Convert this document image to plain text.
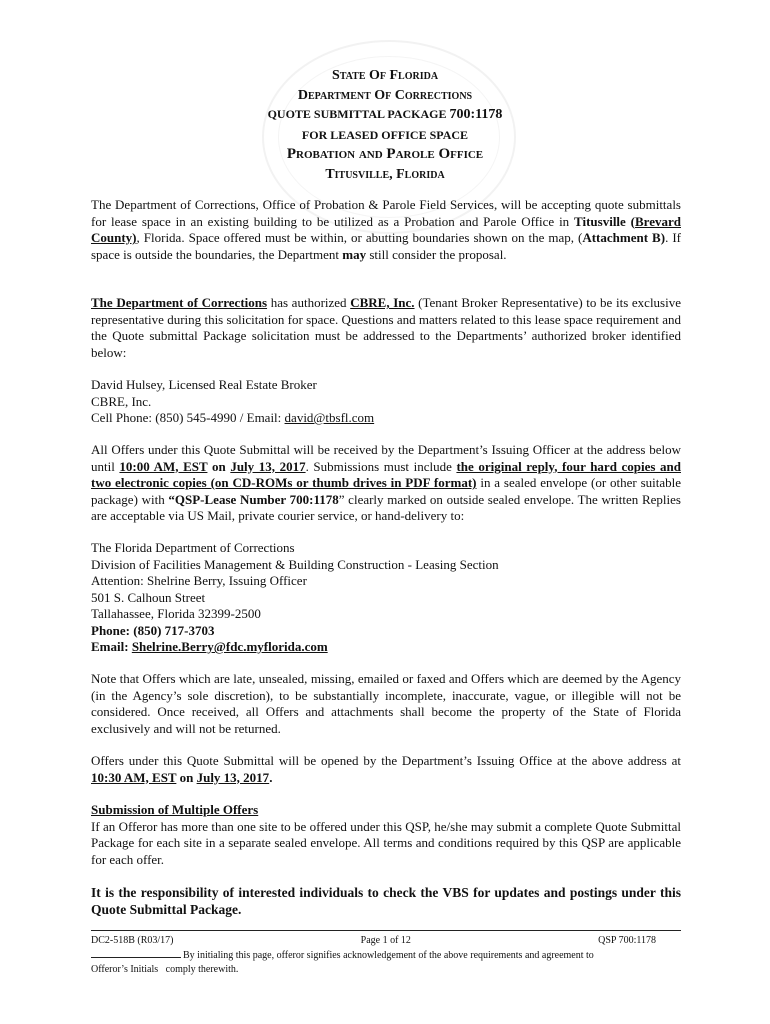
State Of Florida

Department Of Corrections

QUOTE SUBMITTAL PACKAGE 700:1178

FOR LEASED OFFICE SPACE

Probation and Parole Office

Titusville, Florida

The Department of Corrections, Office of Probation & Parole Field Services, will be accepting quote submittals for lease space in an existing building to be utilized as a Probation and Parole Office in Titusville (Brevard County), Florida. Space offered must be within, or abutting boundaries shown on the map, (Attachment B). If space is outside the boundaries, the Department may still consider the proposal.

The Department of Corrections has authorized CBRE, Inc. (Tenant Broker Representative) to be its exclusive representative during this solicitation for space. Questions and matters related to this lease space requirement and the Quote submittal Package solicitation must be addressed to the Departments’ authorized broker identified below:

David Hulsey, Licensed Real Estate Broker
CBRE, Inc.
Cell Phone: (850) 545-4990 / Email: david@tbsfl.com

All Offers under this Quote Submittal will be received by the Department’s Issuing Officer at the address below until 10:00 AM, EST on July 13, 2017. Submissions must include the original reply, four hard copies and two electronic copies (on CD-ROMs or thumb drives in PDF format) in a sealed envelope (or other suitable package) with “QSP-Lease Number 700:1178” clearly marked on outside sealed envelope. The written Replies are acceptable via US Mail, private courier service, or hand-delivery to:

The Florida Department of Corrections
Division of Facilities Management & Building Construction - Leasing Section
Attention: Shelrine Berry, Issuing Officer
501 S. Calhoun Street
Tallahassee, Florida 32399-2500
Phone: (850) 717-3703
Email: Shelrine.Berry@fdc.myflorida.com

Note that Offers which are late, unsealed, missing, emailed or faxed and Offers which are deemed by the Agency (in the Agency’s sole discretion), to be substantially incomplete, inaccurate, vague, or illegible will not be considered. Once received, all Offers and attachments shall become the property of the State of Florida exclusively and will not be returned.

Offers under this Quote Submittal will be opened by the Department’s Issuing Office at the above address at 10:30 AM, EST on July 13, 2017.

Submission of Multiple Offers
If an Offeror has more than one site to be offered under this QSP, he/she may submit a complete Quote Submittal Package for each site in a separate sealed envelope. All terms and conditions required by this QSP are applicable for each offer.

It is the responsibility of interested individuals to check the VBS for updates and postings under this Quote Submittal Package.

DC2-518B (R03/17)	Page 1 of 12	QSP 700:1178
By initialing this page, offeror signifies acknowledgement of the above requirements and agreement to
Offeror’s Initials comply therewith.
